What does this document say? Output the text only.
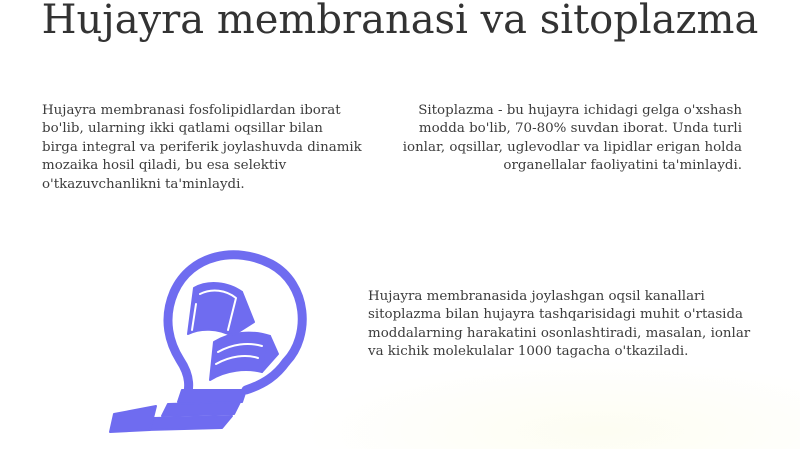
Hujayra membranasi va sitoplazma

Hujayra membranasi fosfolipidlardan iborat bo'lib, ularning ikki qatlami oqsillar bilan birga integral va periferik joylashuvda dinamik mozaika hosil qiladi, bu esa selektiv o'tkazuvchanlikni ta'minlaydi.

Sitoplazma - bu hujayra ichidagi gelga o'xshash modda bo'lib, 70-80% suvdan iborat. Unda turli ionlar, oqsillar, uglevodlar va lipidlar erigan holda organellalar faoliyatini ta'minlaydi.

Hujayra membranasida joylashgan oqsil kanallari sitoplazma bilan hujayra tashqarisidagi muhit o'rtasida moddalarning harakatini osonlashtiradi, masalan, ionlar va kichik molekulalar 1000 tagacha o'tkaziladi.
